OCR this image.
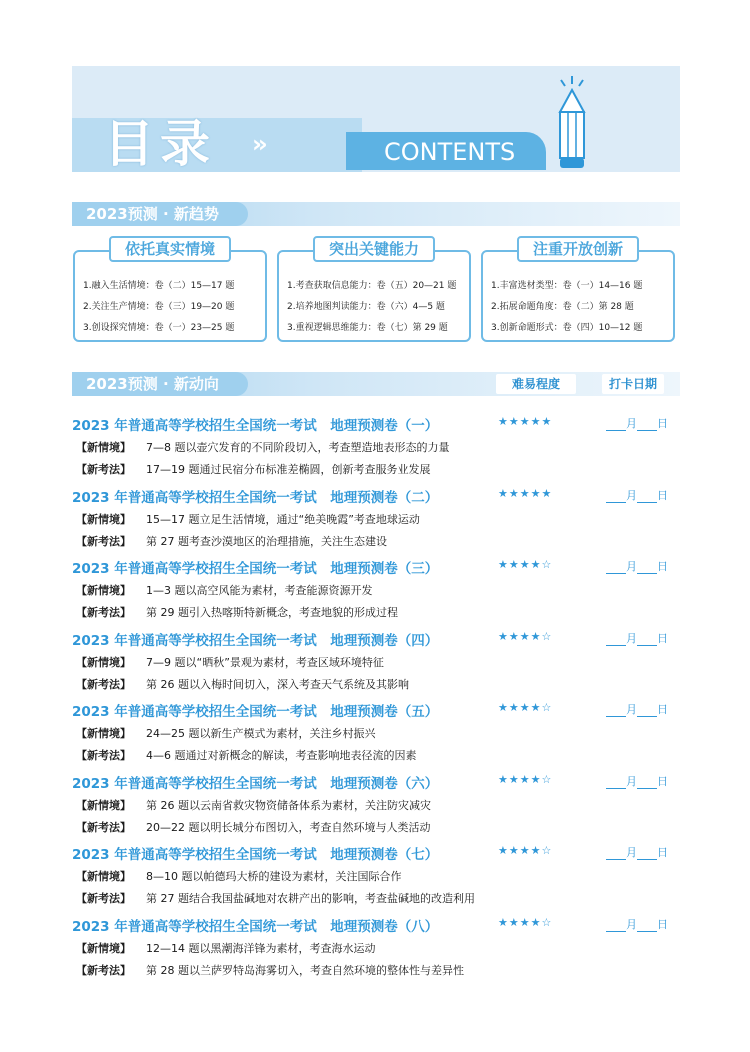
目录 ››	CONTENTS
2023预测 · 新趋势
依托真实情境
1.融入生活情境：卷（二）15—17 题
2.关注生产情境：卷（三）19—20 题
3.创设探究情境：卷（一）23—25 题
突出关键能力
1.考查获取信息能力：卷（五）20—21 题
2.培养地图判读能力：卷（六）4—5 题
3.重视逻辑思维能力：卷（七）第 29 题
注重开放创新
1.丰富选材类型：卷（一）14—16 题
2.拓展命题角度：卷（二）第 28 题
3.创新命题形式：卷（四）10—12 题
2023预测 · 新动向	难易程度	打卡日期
2023 年普通高等学校招生全国统一考试　地理预测卷（一）	★★★★★	月 日
【新情境】 7—8 题以壶穴发育的不同阶段切入，考查塑造地表形态的力量
【新考法】 17—19 题通过民宿分布标准差椭圆，创新考查服务业发展
2023 年普通高等学校招生全国统一考试　地理预测卷（二）	★★★★★	月 日
【新情境】 15—17 题立足生活情境，通过“绝美晚霞”考查地球运动
【新考法】 第 27 题考查沙漠地区的治理措施，关注生态建设
2023 年普通高等学校招生全国统一考试　地理预测卷（三）	★★★★☆	月 日
【新情境】 1—3 题以高空风能为素材，考查能源资源开发
【新考法】 第 29 题引入热喀斯特新概念，考查地貌的形成过程
2023 年普通高等学校招生全国统一考试　地理预测卷（四）	★★★★☆	月 日
【新情境】 7—9 题以“晒秋”景观为素材，考查区域环境特征
【新考法】 第 26 题以入梅时间切入，深入考查天气系统及其影响
2023 年普通高等学校招生全国统一考试　地理预测卷（五）	★★★★☆	月 日
【新情境】 24—25 题以新生产模式为素材，关注乡村振兴
【新考法】 4—6 题通过对新概念的解读，考查影响地表径流的因素
2023 年普通高等学校招生全国统一考试　地理预测卷（六）	★★★★☆	月 日
【新情境】 第 26 题以云南省救灾物资储备体系为素材，关注防灾减灾
【新考法】 20—22 题以明长城分布图切入，考查自然环境与人类活动
2023 年普通高等学校招生全国统一考试　地理预测卷（七）	★★★★☆	月 日
【新情境】 8—10 题以帕德玛大桥的建设为素材，关注国际合作
【新考法】 第 27 题结合我国盐碱地对农耕产出的影响，考查盐碱地的改造利用
2023 年普通高等学校招生全国统一考试　地理预测卷（八）	★★★★☆	月 日
【新情境】 12—14 题以黑潮海洋锋为素材，考查海水运动
【新考法】 第 28 题以兰萨罗特岛海雾切入，考查自然环境的整体性与差异性
